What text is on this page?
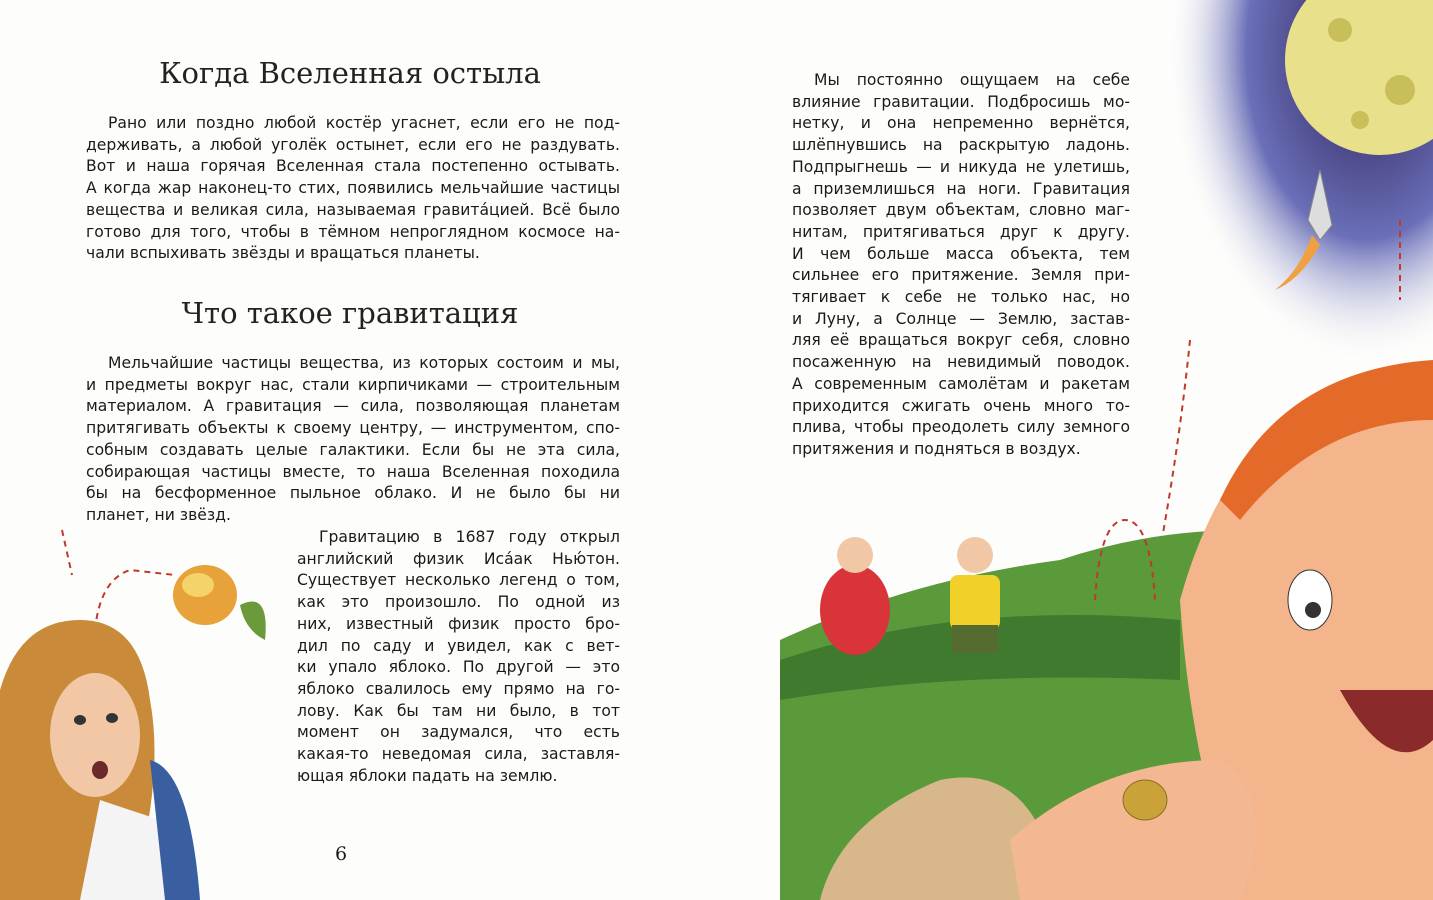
Когда Вселенная остыла
Рано или поздно любой костёр угаснет, если его не под-
держивать, а любой уголёк остынет, если его не раздувать.
Вот и наша горячая Вселенная стала постепенно остывать.
А когда жар наконец-то стих, появились мельчайшие частицы
вещества и великая сила, называемая гравита́цией. Всё было
готово для того, чтобы в тёмном непроглядном космосе на-
чали вспыхивать звёзды и вращаться планеты.
Что такое гравитация
Мельчайшие частицы вещества, из которых состоим и мы,
и предметы вокруг нас, стали кирпичиками — строительным
материалом. А гравитация — сила, позволяющая планетам
притягивать объекты к своему центру, — инструментом, спо-
собным создавать целые галактики. Если бы не эта сила,
собирающая частицы вместе, то наша Вселенная походила
бы на бесформенное пыльное облако. И не было бы ни
планет, ни звёзд.
Гравитацию в 1687 году открыл
английский физик Иса́ак Нью́тон.
Существует несколько легенд о том,
как это произошло. По одной из
них, известный физик просто бро-
дил по саду и увидел, как с вет-
ки упало яблоко. По другой — это
яблоко свалилось ему прямо на го-
лову. Как бы там ни было, в тот
момент он задумался, что есть
какая-то неведомая сила, заставля-
ющая яблоки падать на землю.
6
Мы постоянно ощущаем на себе
влияние гравитации. Подбросишь мо-
нетку, и она непременно вернётся,
шлёпнувшись на раскрытую ладонь.
Подпрыгнешь — и никуда не улетишь,
а приземлишься на ноги. Гравитация
позволяет двум объектам, словно маг-
нитам, притягиваться друг к другу.
И чем больше масса объекта, тем
сильнее его притяжение. Земля при-
тягивает к себе не только нас, но
и Луну, а Солнце — Землю, застав-
ляя её вращаться вокруг себя, словно
посаженную на невидимый поводок.
А современным самолётам и ракетам
приходится сжигать очень много то-
плива, чтобы преодолеть силу земного
притяжения и подняться в воздух.
